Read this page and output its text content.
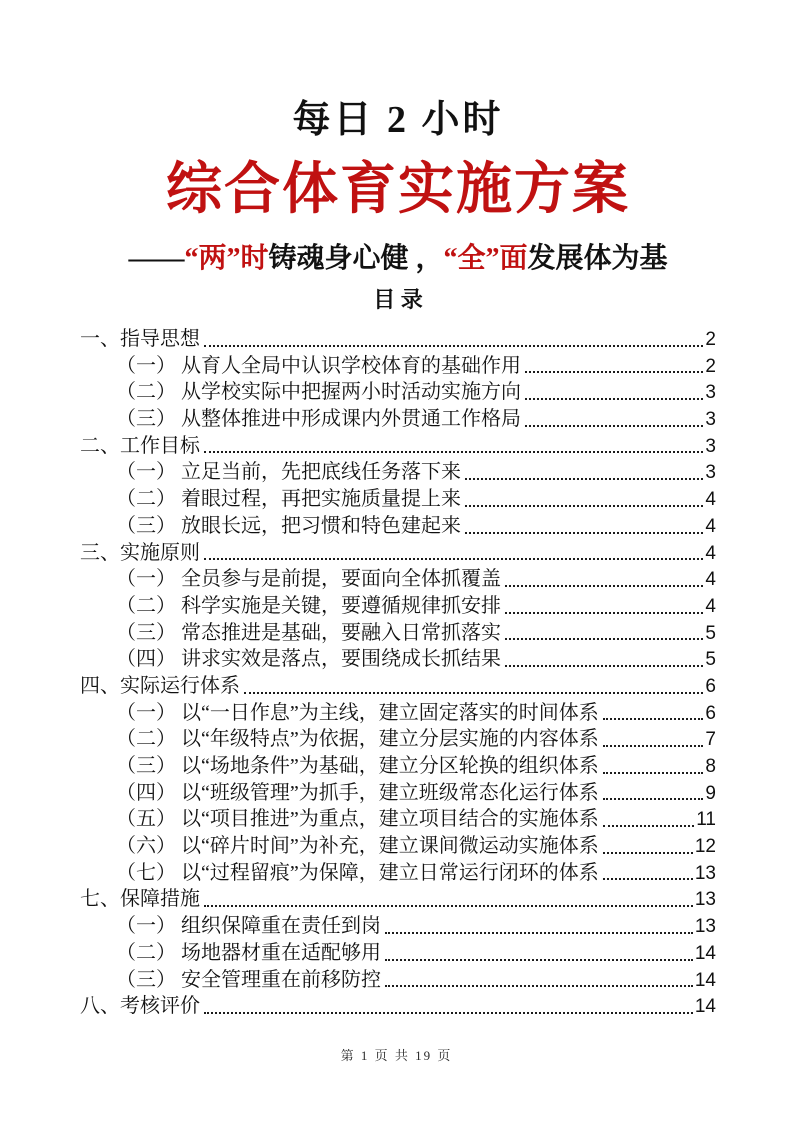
每日 2 小时
综合体育实施方案
——“两”时铸魂身心健 ，“全”面发展体为基
目 录
一、指导思想	2
（一） 从育人全局中认识学校体育的基础作用	2
（二） 从学校实际中把握两小时活动实施方向	3
（三） 从整体推进中形成课内外贯通工作格局	3
二、工作目标	3
（一） 立足当前，先把底线任务落下来	3
（二） 着眼过程，再把实施质量提上来	4
（三） 放眼长远，把习惯和特色建起来	4
三、实施原则	4
（一） 全员参与是前提，要面向全体抓覆盖	4
（二） 科学实施是关键，要遵循规律抓安排	4
（三） 常态推进是基础，要融入日常抓落实	5
（四） 讲求实效是落点，要围绕成长抓结果	5
四、实际运行体系	6
（一） 以“一日作息”为主线，建立固定落实的时间体系	6
（二） 以“年级特点”为依据，建立分层实施的内容体系	7
（三） 以“场地条件”为基础，建立分区轮换的组织体系	8
（四） 以“班级管理”为抓手，建立班级常态化运行体系	9
（五） 以“项目推进”为重点，建立项目结合的实施体系	11
（六） 以“碎片时间”为补充，建立课间微运动实施体系	12
（七） 以“过程留痕”为保障，建立日常运行闭环的体系	13
七、保障措施	13
（一） 组织保障重在责任到岗	13
（二） 场地器材重在适配够用	14
（三） 安全管理重在前移防控	14
八、考核评价	14
第 1 页 共 19 页
